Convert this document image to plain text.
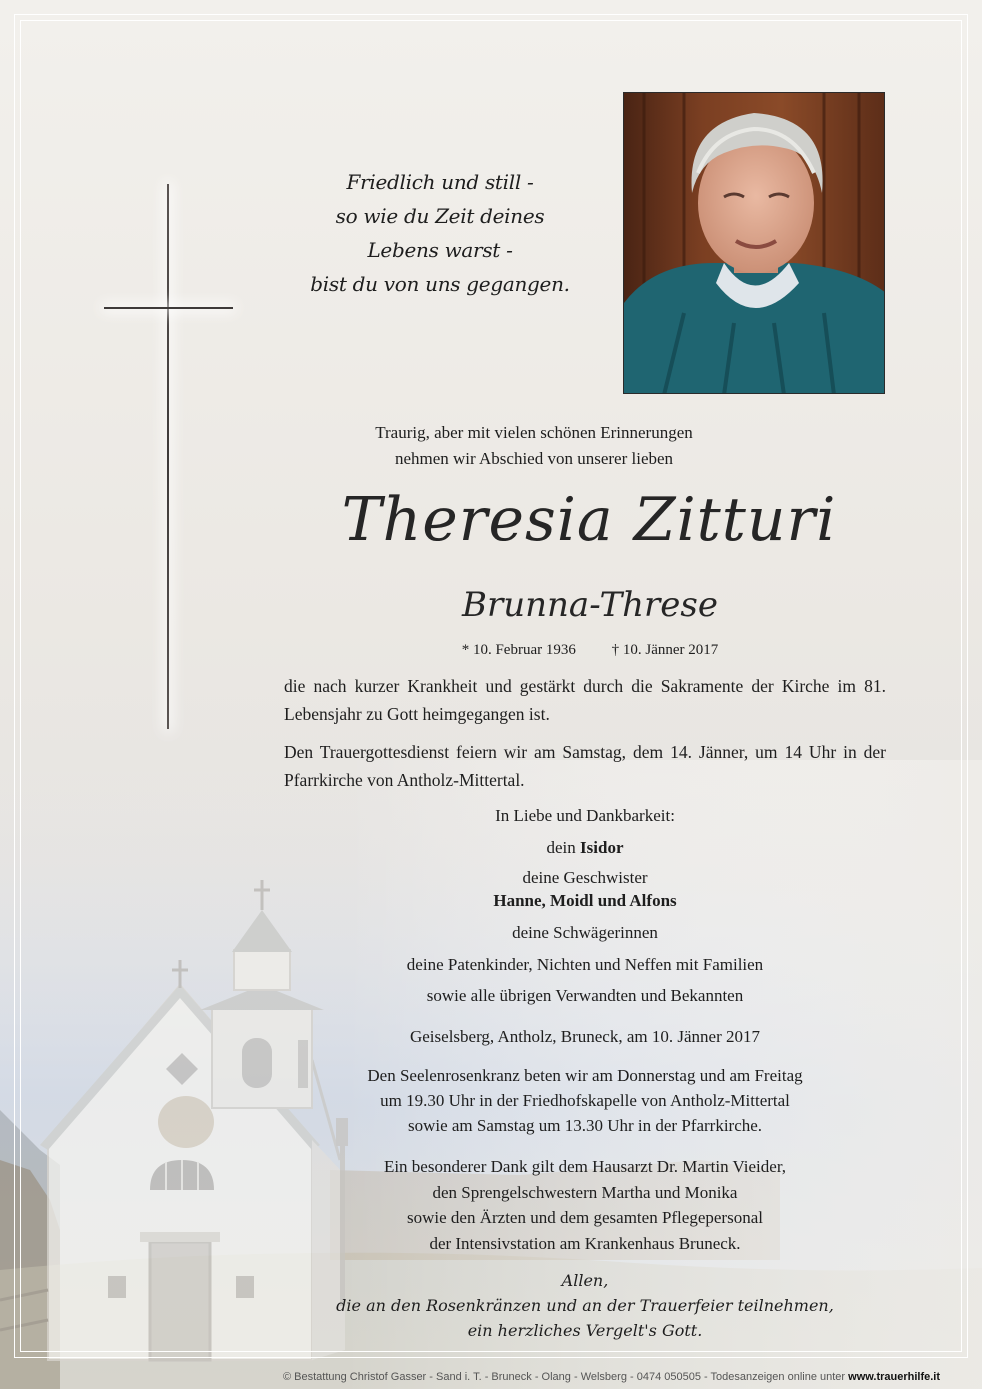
Friedlich und still -
so wie du Zeit deines
Lebens warst -
bist du von uns gegangen.
Traurig, aber mit vielen schönen Erinnerungen
nehmen wir Abschied von unserer lieben
Theresia Zitturi
Brunna-Threse
* 10. Februar 1936 † 10. Jänner 2017
die nach kurzer Krankheit und gestärkt durch die Sakramente der Kirche im 81. Lebensjahr zu Gott heimgegangen ist.
Den Trauergottesdienst feiern wir am Samstag, dem 14. Jänner, um 14 Uhr in der Pfarrkirche von Antholz-Mittertal.
In Liebe und Dankbarkeit:
dein Isidor
deine Geschwister
Hanne, Moidl und Alfons
deine Schwägerinnen
deine Patenkinder, Nichten und Neffen mit Familien
sowie alle übrigen Verwandten und Bekannten
Geiselsberg, Antholz, Bruneck, am 10. Jänner 2017
Den Seelenrosenkranz beten wir am Donnerstag und am Freitag
um 19.30 Uhr in der Friedhofskapelle von Antholz-Mittertal
sowie am Samstag um 13.30 Uhr in der Pfarrkirche.
Ein besonderer Dank gilt dem Hausarzt Dr. Martin Vieider,
den Sprengelschwestern Martha und Monika
sowie den Ärzten und dem gesamten Pflegepersonal
der Intensivstation am Krankenhaus Bruneck.
Allen,
die an den Rosenkränzen und an der Trauerfeier teilnehmen,
ein herzliches Vergelt's Gott.
© Bestattung Christof Gasser - Sand i. T. - Bruneck - Olang - Welsberg - 0474 050505 - Todesanzeigen online unter www.trauerhilfe.it
